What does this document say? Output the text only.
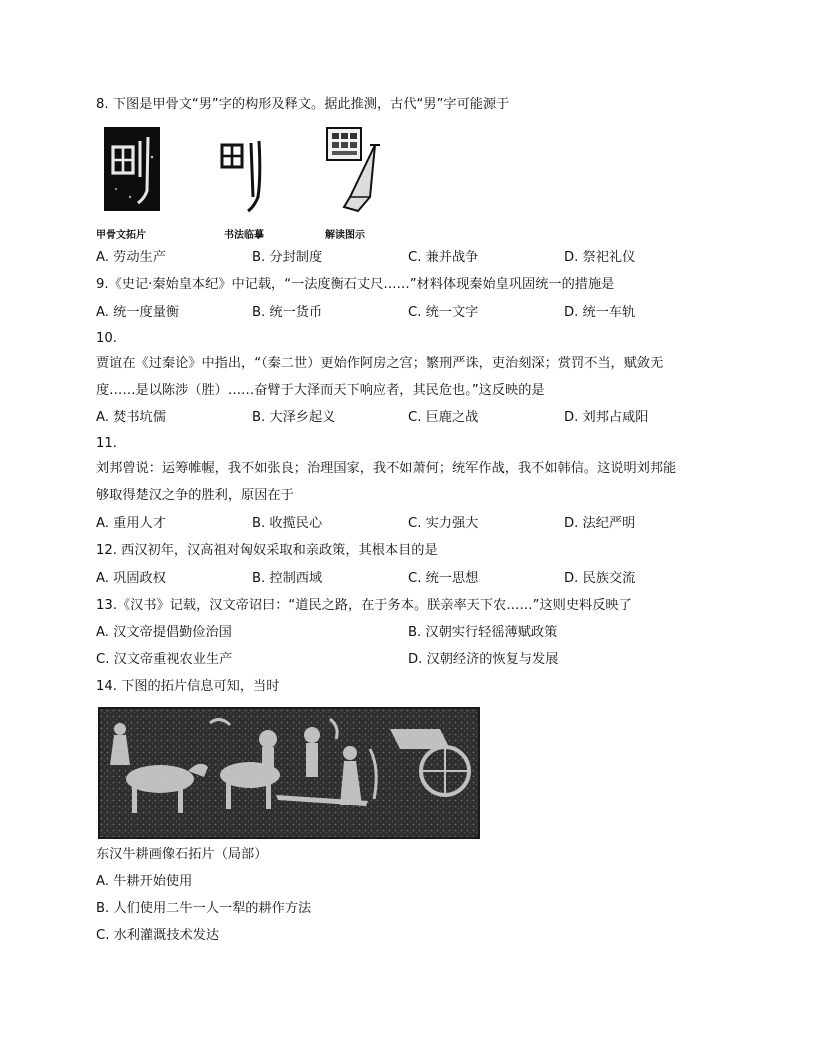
8. 下图是甲骨文“男”字的构形及释文。据此推测，古代“男”字可能源于
甲骨文拓片	书法临摹	解读图示
A. 劳动生产	B. 分封制度	C. 兼并战争	D. 祭祀礼仪
9.《史记·秦始皇本纪》中记载，“一法度衡石丈尺……”材料体现秦始皇巩固统一的措施是
A. 统一度量衡	B. 统一货币	C. 统一文字	D. 统一车轨
10.
贾谊在《过秦论》中指出，“（秦二世）更始作阿房之宫；繁刑严诛，吏治刻深；赏罚不当，赋敛无
度……是以陈涉（胜）……奋臂于大泽而天下响应者，其民危也。”这反映的是
A. 焚书坑儒	B. 大泽乡起义	C. 巨鹿之战	D. 刘邦占咸阳
11.
刘邦曾说：运筹帷幄，我不如张良；治理国家，我不如萧何；统军作战，我不如韩信。这说明刘邦能
够取得楚汉之争的胜利，原因在于
A. 重用人才	B. 收揽民心	C. 实力强大	D. 法纪严明
12. 西汉初年，汉高祖对匈奴采取和亲政策，其根本目的是
A. 巩固政权	B. 控制西域	C. 统一思想	D. 民族交流
13.《汉书》记载，汉文帝诏曰：“道民之路，在于务本。朕亲率天下农……”这则史料反映了
A. 汉文帝提倡勤俭治国	B. 汉朝实行轻徭薄赋政策
C. 汉文帝重视农业生产	D. 汉朝经济的恢复与发展
14. 下图的拓片信息可知，当时
东汉牛耕画像石拓片（局部）
A. 牛耕开始使用
B. 人们使用二牛一人一犁的耕作方法
C. 水利灌溉技术发达
